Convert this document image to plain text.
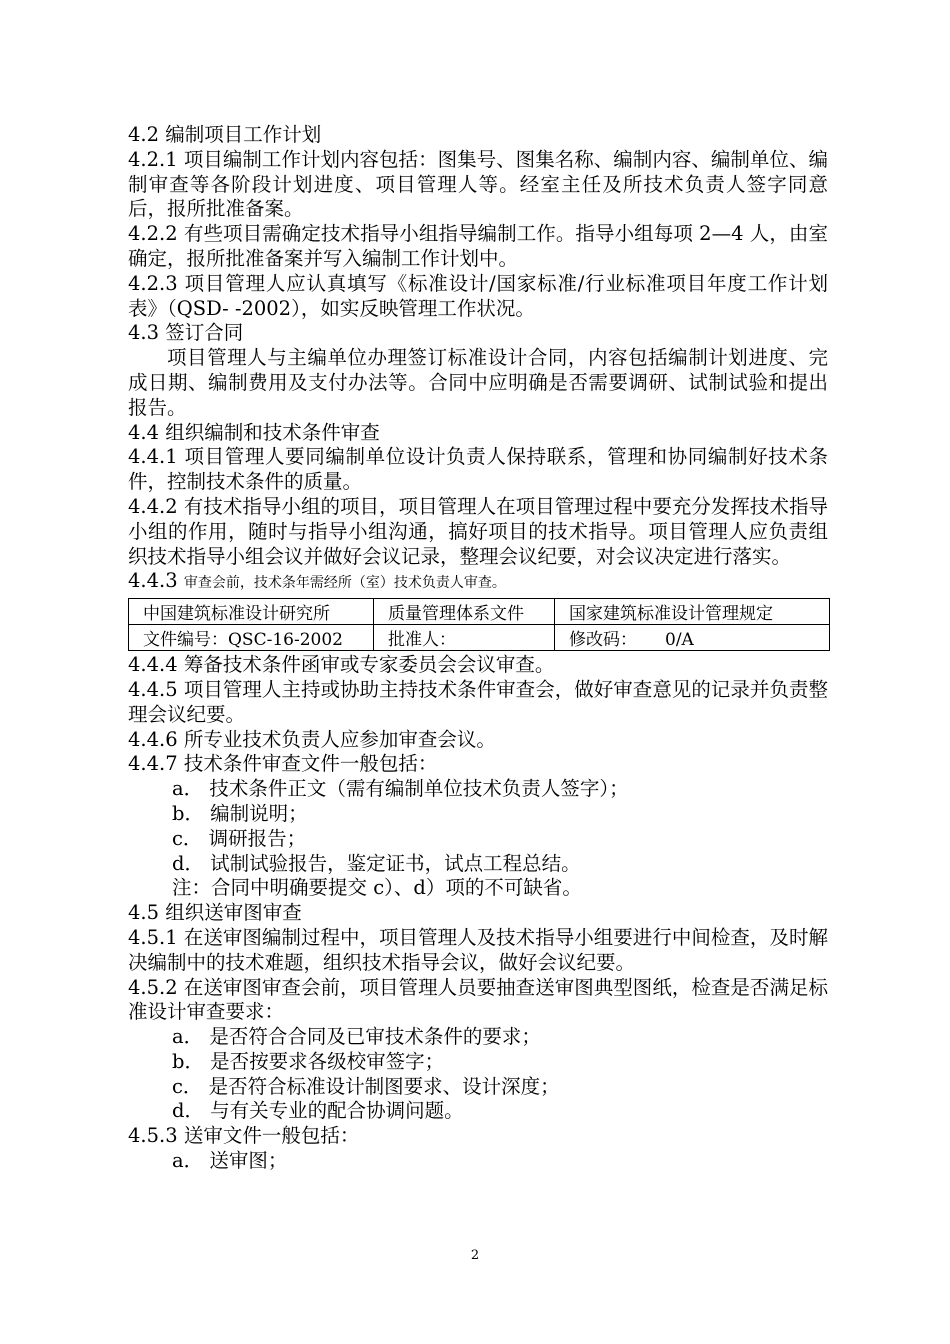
4.2 编制项目工作计划

4.2.1 项目编制工作计划内容包括：图集号、图集名称、编制内容、编制单位、编制审查等各阶段计划进度、项目管理人等。经室主任及所技术负责人签字同意后，报所批准备案。

4.2.2 有些项目需确定技术指导小组指导编制工作。指导小组每项 2—4 人，由室确定，报所批准备案并写入编制工作计划中。

4.2.3 项目管理人应认真填写《标准设计/国家标准/行业标准项目年度工作计划表》（QSD- -2002），如实反映管理工作状况。

4.3 签订合同

项目管理人与主编单位办理签订标准设计合同，内容包括编制计划进度、完成日期、编制费用及支付办法等。合同中应明确是否需要调研、试制试验和提出报告。

4.4 组织编制和技术条件审查

4.4.1 项目管理人要同编制单位设计负责人保持联系，管理和协同编制好技术条件，控制技术条件的质量。

4.4.2 有技术指导小组的项目，项目管理人在项目管理过程中要充分发挥技术指导小组的作用，随时与指导小组沟通，搞好项目的技术指导。项目管理人应负责组织技术指导小组会议并做好会议记录，整理会议纪要，对会议决定进行落实。

4.4.3 审查会前，技术条年需经所（室）技术负责人审查。

中国建筑标准设计研究所	质量管理体系文件	国家建筑标准设计管理规定
文件编号：QSC-16-2002	批准人：	修改码： 0/A

4.4.4 筹备技术条件函审或专家委员会会议审查。

4.4.5 项目管理人主持或协助主持技术条件审查会，做好审查意见的记录并负责整理会议纪要。

4.4.6 所专业技术负责人应参加审查会议。

4.4.7 技术条件审查文件一般包括：

a． 技术条件正文（需有编制单位技术负责人签字）；

b． 编制说明；

c． 调研报告；

d． 试制试验报告，鉴定证书，试点工程总结。

注：合同中明确要提交 c）、d）项的不可缺省。

4.5 组织送审图审查

4.5.1 在送审图编制过程中，项目管理人及技术指导小组要进行中间检查，及时解决编制中的技术难题，组织技术指导会议，做好会议纪要。

4.5.2 在送审图审查会前，项目管理人员要抽查送审图典型图纸，检查是否满足标准设计审查要求：

a． 是否符合合同及已审技术条件的要求；

b． 是否按要求各级校审签字；

c． 是否符合标准设计制图要求、设计深度；

d． 与有关专业的配合协调问题。

4.5.3 送审文件一般包括：

a． 送审图；

2
